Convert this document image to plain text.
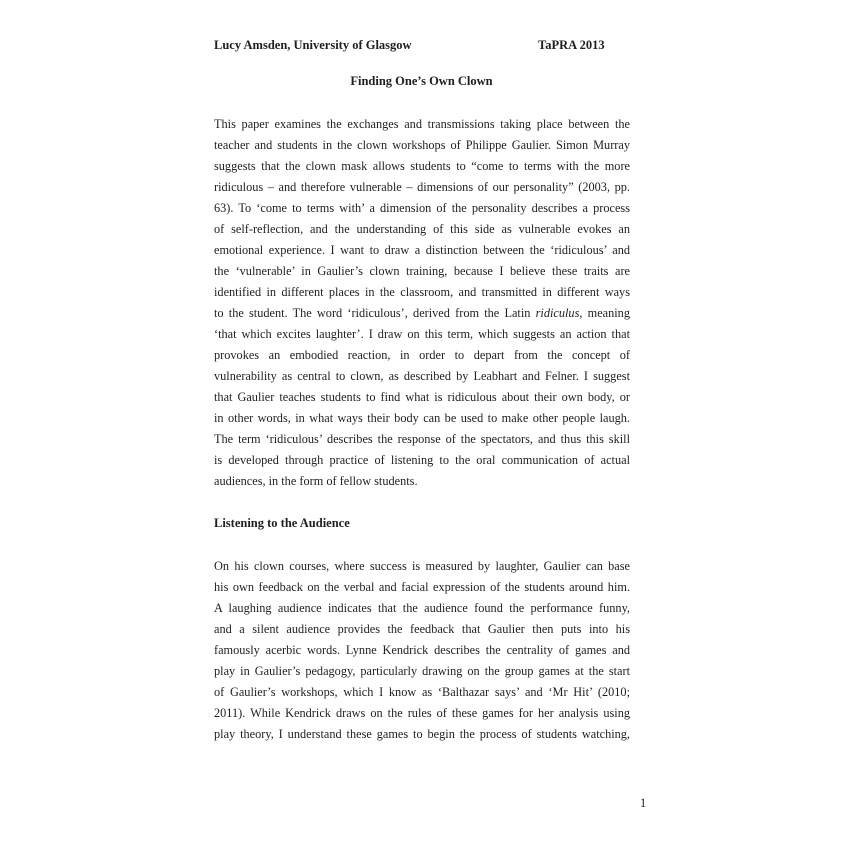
Lucy Amsden, University of Glasgow	TaPRA 2013
Finding One’s Own Clown
This paper examines the exchanges and transmissions taking place between the
teacher and students in the clown workshops of Philippe Gaulier. Simon Murray
suggests that the clown mask allows students to “come to terms with the more
ridiculous – and therefore vulnerable – dimensions of our personality” (2003, pp.
63). To ‘come to terms with’ a dimension of the personality describes a process
of self-reflection, and the understanding of this side as vulnerable evokes an
emotional experience. I want to draw a distinction between the ‘ridiculous’ and
the ‘vulnerable’ in Gaulier’s clown training, because I believe these traits are
identified in different places in the classroom, and transmitted in different ways
to the student. The word ‘ridiculous’, derived from the Latin ridiculus, meaning
‘that which excites laughter’. I draw on this term, which suggests an action that
provokes an embodied reaction, in order to depart from the concept of
vulnerability as central to clown, as described by Leabhart and Felner. I suggest
that Gaulier teaches students to find what is ridiculous about their own body, or
in other words, in what ways their body can be used to make other people laugh.
The term ‘ridiculous’ describes the response of the spectators, and thus this skill
is developed through practice of listening to the oral communication of actual
audiences, in the form of fellow students.
Listening to the Audience
On his clown courses, where success is measured by laughter, Gaulier can base
his own feedback on the verbal and facial expression of the students around him.
A laughing audience indicates that the audience found the performance funny,
and a silent audience provides the feedback that Gaulier then puts into his
famously acerbic words. Lynne Kendrick describes the centrality of games and
play in Gaulier’s pedagogy, particularly drawing on the group games at the start
of Gaulier’s workshops, which I know as ‘Balthazar says’ and ‘Mr Hit’ (2010;
2011). While Kendrick draws on the rules of these games for her analysis using
play theory, I understand these games to begin the process of students watching,
1
